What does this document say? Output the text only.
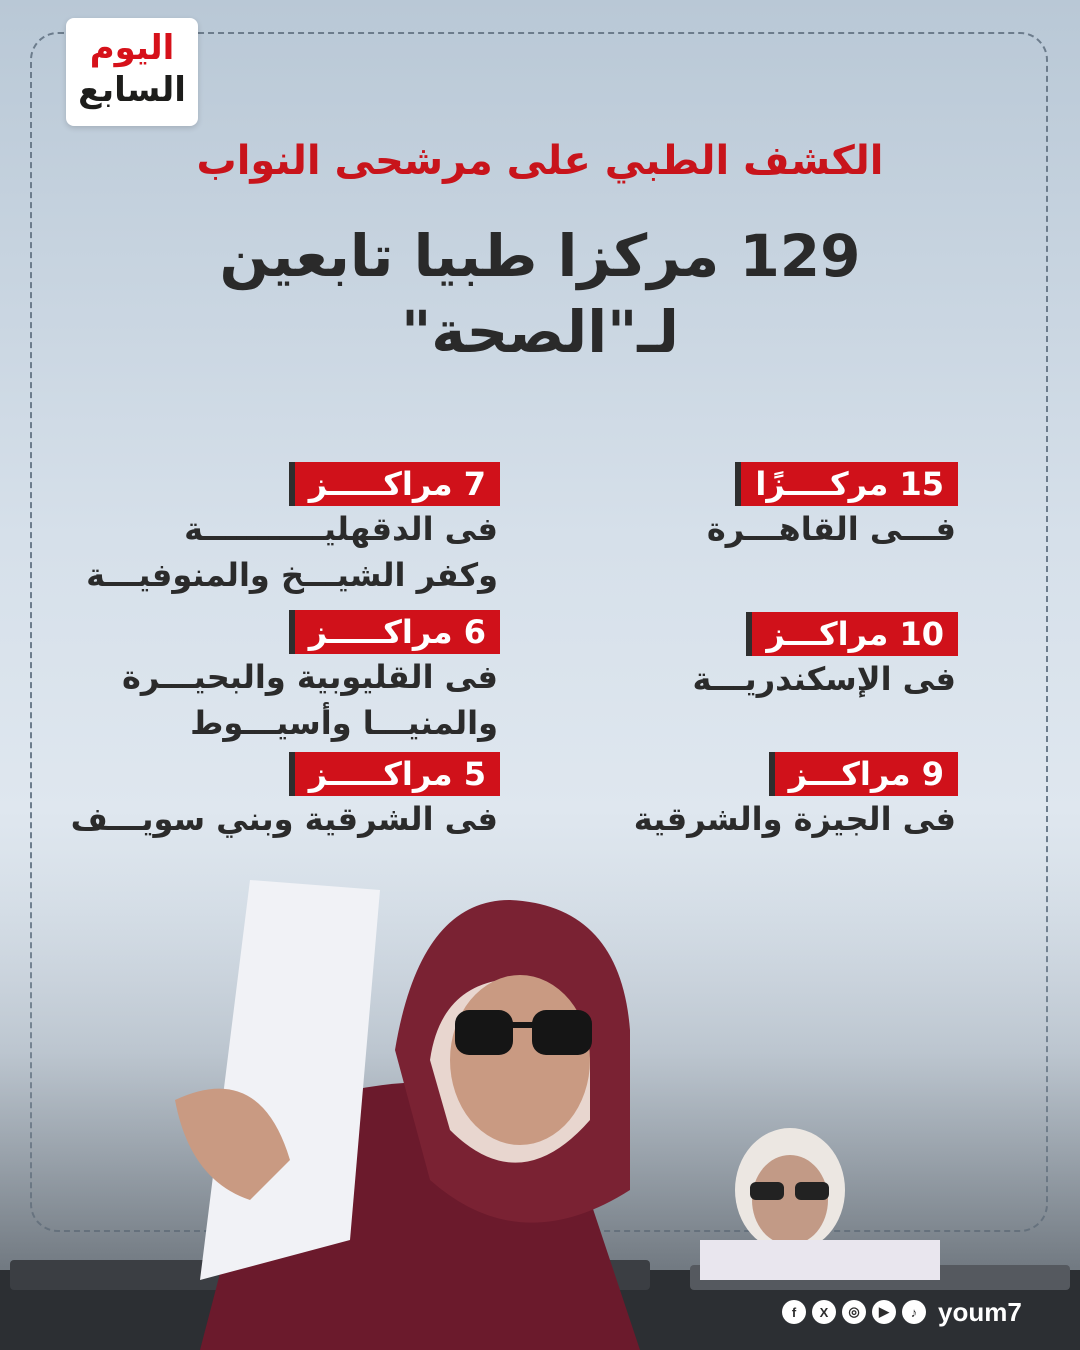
اليوم
السابع
الكشف الطبي على مرشحى النواب
129 مركزا طبيا تابعين لـ"الصحة"
15 مركــــزًا
فـــى القاهـــرة
10 مراكـــز
فى الإسكندريـــة
9 مراكـــز
فى الجيزة والشرقية
7 مراكـــــز
فى الدقهليـــــــــــة
وكفر الشيـــخ والمنوفيـــة
6 مراكـــــز
فى القليوبية والبحيـــرة
والمنيـــا وأسيـــوط
5 مراكـــــز
فى الشرقية وبني سويـــف
f	X	◎	▶	♪ youm7
